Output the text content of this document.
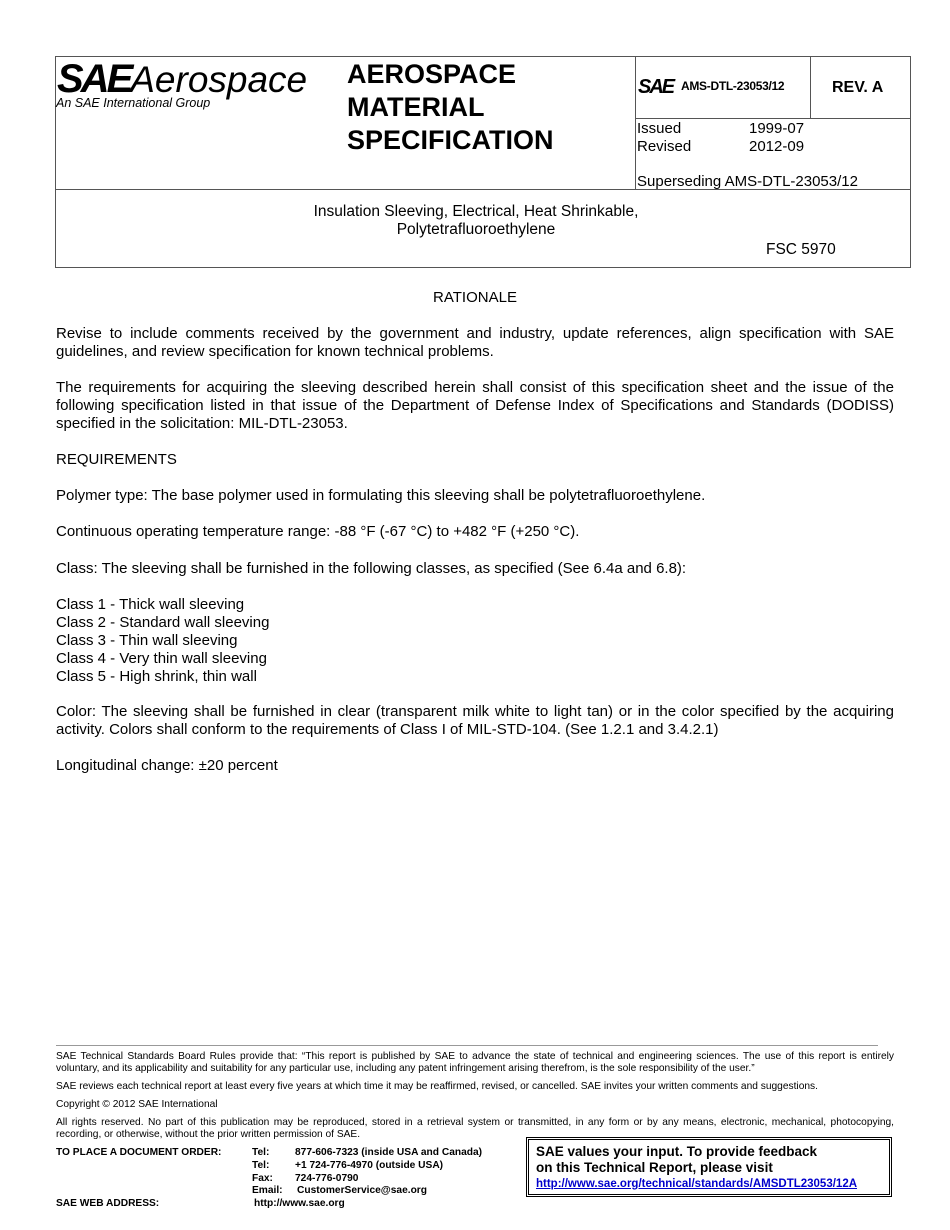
SAEAerospace
An SAE International Group
AEROSPACE
MATERIAL
SPECIFICATION
SAE AMS-DTL-23053/12	REV. A
Issued	1999-07
Revised	2012-09
Superseding AMS-DTL-23053/12
Insulation Sleeving, Electrical, Heat Shrinkable,
Polytetrafluoroethylene
FSC 5970
RATIONALE
Revise to include comments received by the government and industry, update references, align specification with SAE guidelines, and review specification for known technical problems.
The requirements for acquiring the sleeving described herein shall consist of this specification sheet and the issue of the following specification listed in that issue of the Department of Defense Index of Specifications and Standards (DODISS) specified in the solicitation: MIL-DTL-23053.
REQUIREMENTS
Polymer type: The base polymer used in formulating this sleeving shall be polytetrafluoroethylene.
Continuous operating temperature range: -88 °F (-67 °C) to +482 °F (+250 °C).
Class: The sleeving shall be furnished in the following classes, as specified (See 6.4a and 6.8):
Class 1 - Thick wall sleeving
Class 2 - Standard wall sleeving
Class 3 - Thin wall sleeving
Class 4 - Very thin wall sleeving
Class 5 - High shrink, thin wall
Color: The sleeving shall be furnished in clear (transparent milk white to light tan) or in the color specified by the acquiring activity. Colors shall conform to the requirements of Class I of MIL-STD-104. (See 1.2.1 and 3.4.2.1)
Longitudinal change: ±20 percent
SAE Technical Standards Board Rules provide that: “This report is published by SAE to advance the state of technical and engineering sciences. The use of this report is entirely voluntary, and its applicability and suitability for any particular use, including any patent infringement arising therefrom, is the sole responsibility of the user.”
SAE reviews each technical report at least every five years at which time it may be reaffirmed, revised, or cancelled. SAE invites your written comments and suggestions.
Copyright © 2012 SAE International
All rights reserved. No part of this publication may be reproduced, stored in a retrieval system or transmitted, in any form or by any means, electronic, mechanical, photocopying, recording, or otherwise, without the prior written permission of SAE.
TO PLACE A DOCUMENT ORDER:	Tel:	877-606-7323 (inside USA and Canada)
Tel:	+1 724-776-4970 (outside USA)
Fax: 724-776-0790
Email: CustomerService@sae.org
SAE WEB ADDRESS:	http://www.sae.org
SAE values your input. To provide feedback
on this Technical Report, please visit
http://www.sae.org/technical/standards/AMSDTL23053/12A
